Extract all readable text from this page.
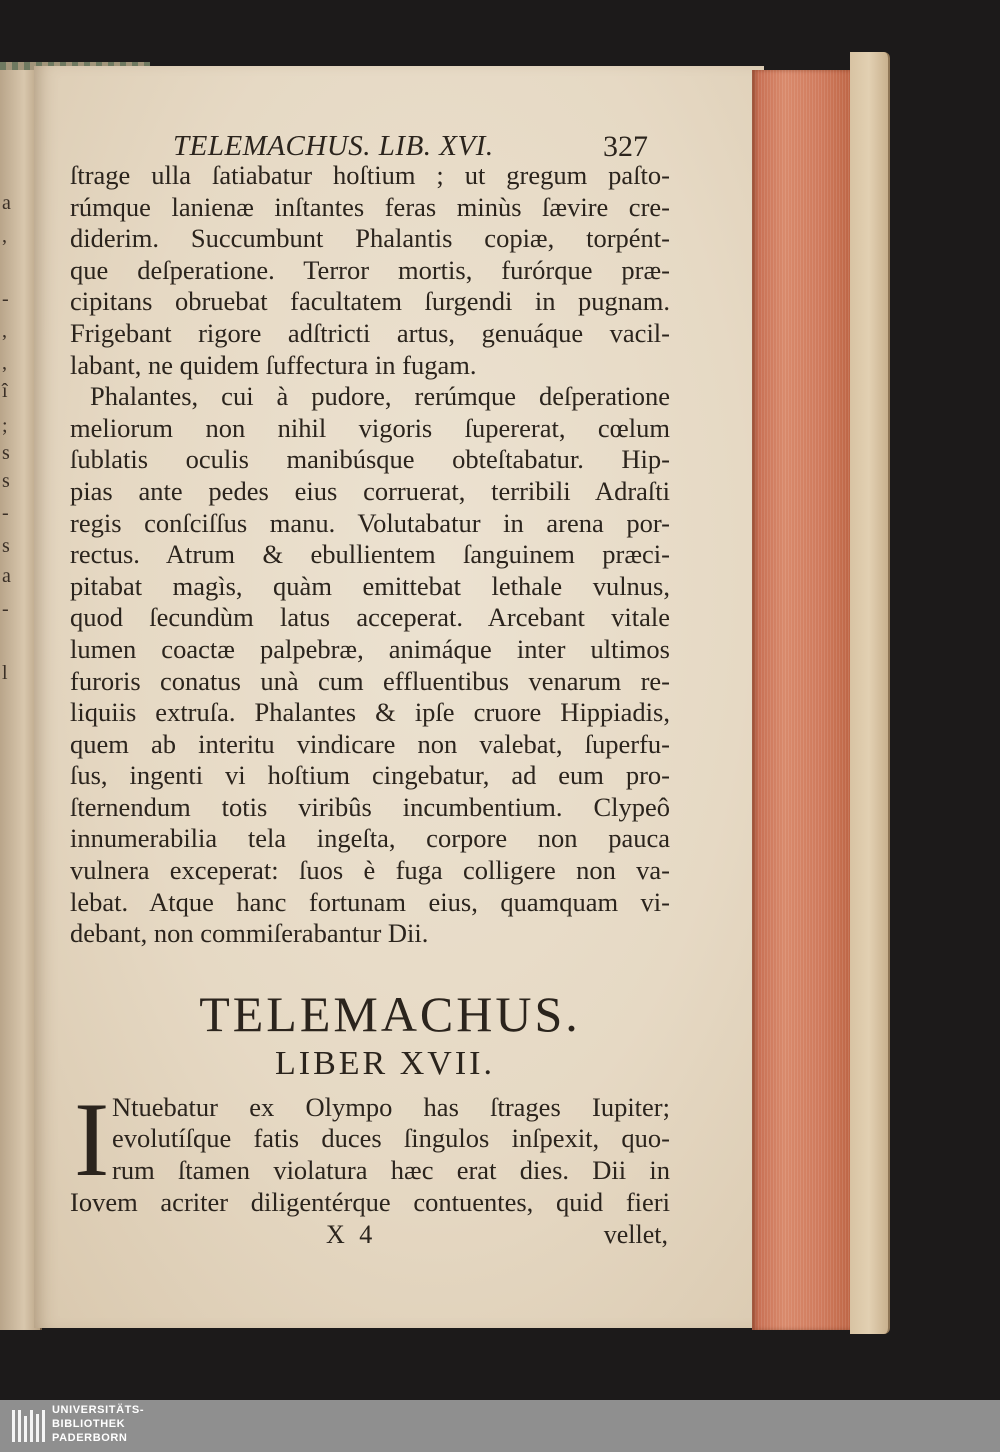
a
,
-
,
,
î
;
s
s
-
s
a
-
l
TELEMACHUS. LIB. XVI.	327
ſtrage ulla ſatiabatur hoſtium ; ut gregum paſto-
rúmque lanienæ inſtantes feras minùs ſævire cre-
diderim. Succumbunt Phalantis copiæ, torpént-
que deſperatione. Terror mortis, furórque præ-
cipitans obruebat facultatem ſurgendi in pugnam.
Frigebant rigore adſtricti artus, genuáque vacil-
labant, ne quidem ſuffectura in fugam.
Phalantes, cui à pudore, rerúmque deſperatione
meliorum non nihil vigoris ſupererat, cœlum
ſublatis oculis manibúsque obteſtabatur. Hip-
pias ante pedes eius corruerat, terribili Adraſti
regis conſciſſus manu. Volutabatur in arena por-
rectus. Atrum & ebullientem ſanguinem præci-
pitabat magìs, quàm emittebat lethale vulnus,
quod ſecundùm latus acceperat. Arcebant vitale
lumen coactæ palpebræ, animáque inter ultimos
furoris conatus unà cum effluentibus venarum re-
liquiis extruſa. Phalantes & ipſe cruore Hippiadis,
quem ab interitu vindicare non valebat, ſuperfu-
ſus, ingenti vi hoſtium cingebatur, ad eum pro-
ſternendum totis viribûs incumbentium. Clypeô
innumerabilia tela ingeſta, corpore non pauca
vulnera exceperat: ſuos è fuga colligere non va-
lebat. Atque hanc fortunam eius, quamquam vi-
debant, non commiſerabantur Dii.
TELEMACHUS.
LIBER XVII.
I Ntuebatur ex Olympo has ſtrages Iupiter;
evolutíſque fatis duces ſingulos inſpexit, quo-
rum ſtamen violatura hæc erat dies. Dii in
Iovem acriter diligentérque contuentes, quid fieri
X 4	vellet,
UNIVERSITÄTS-
BIBLIOTHEK
PADERBORN
